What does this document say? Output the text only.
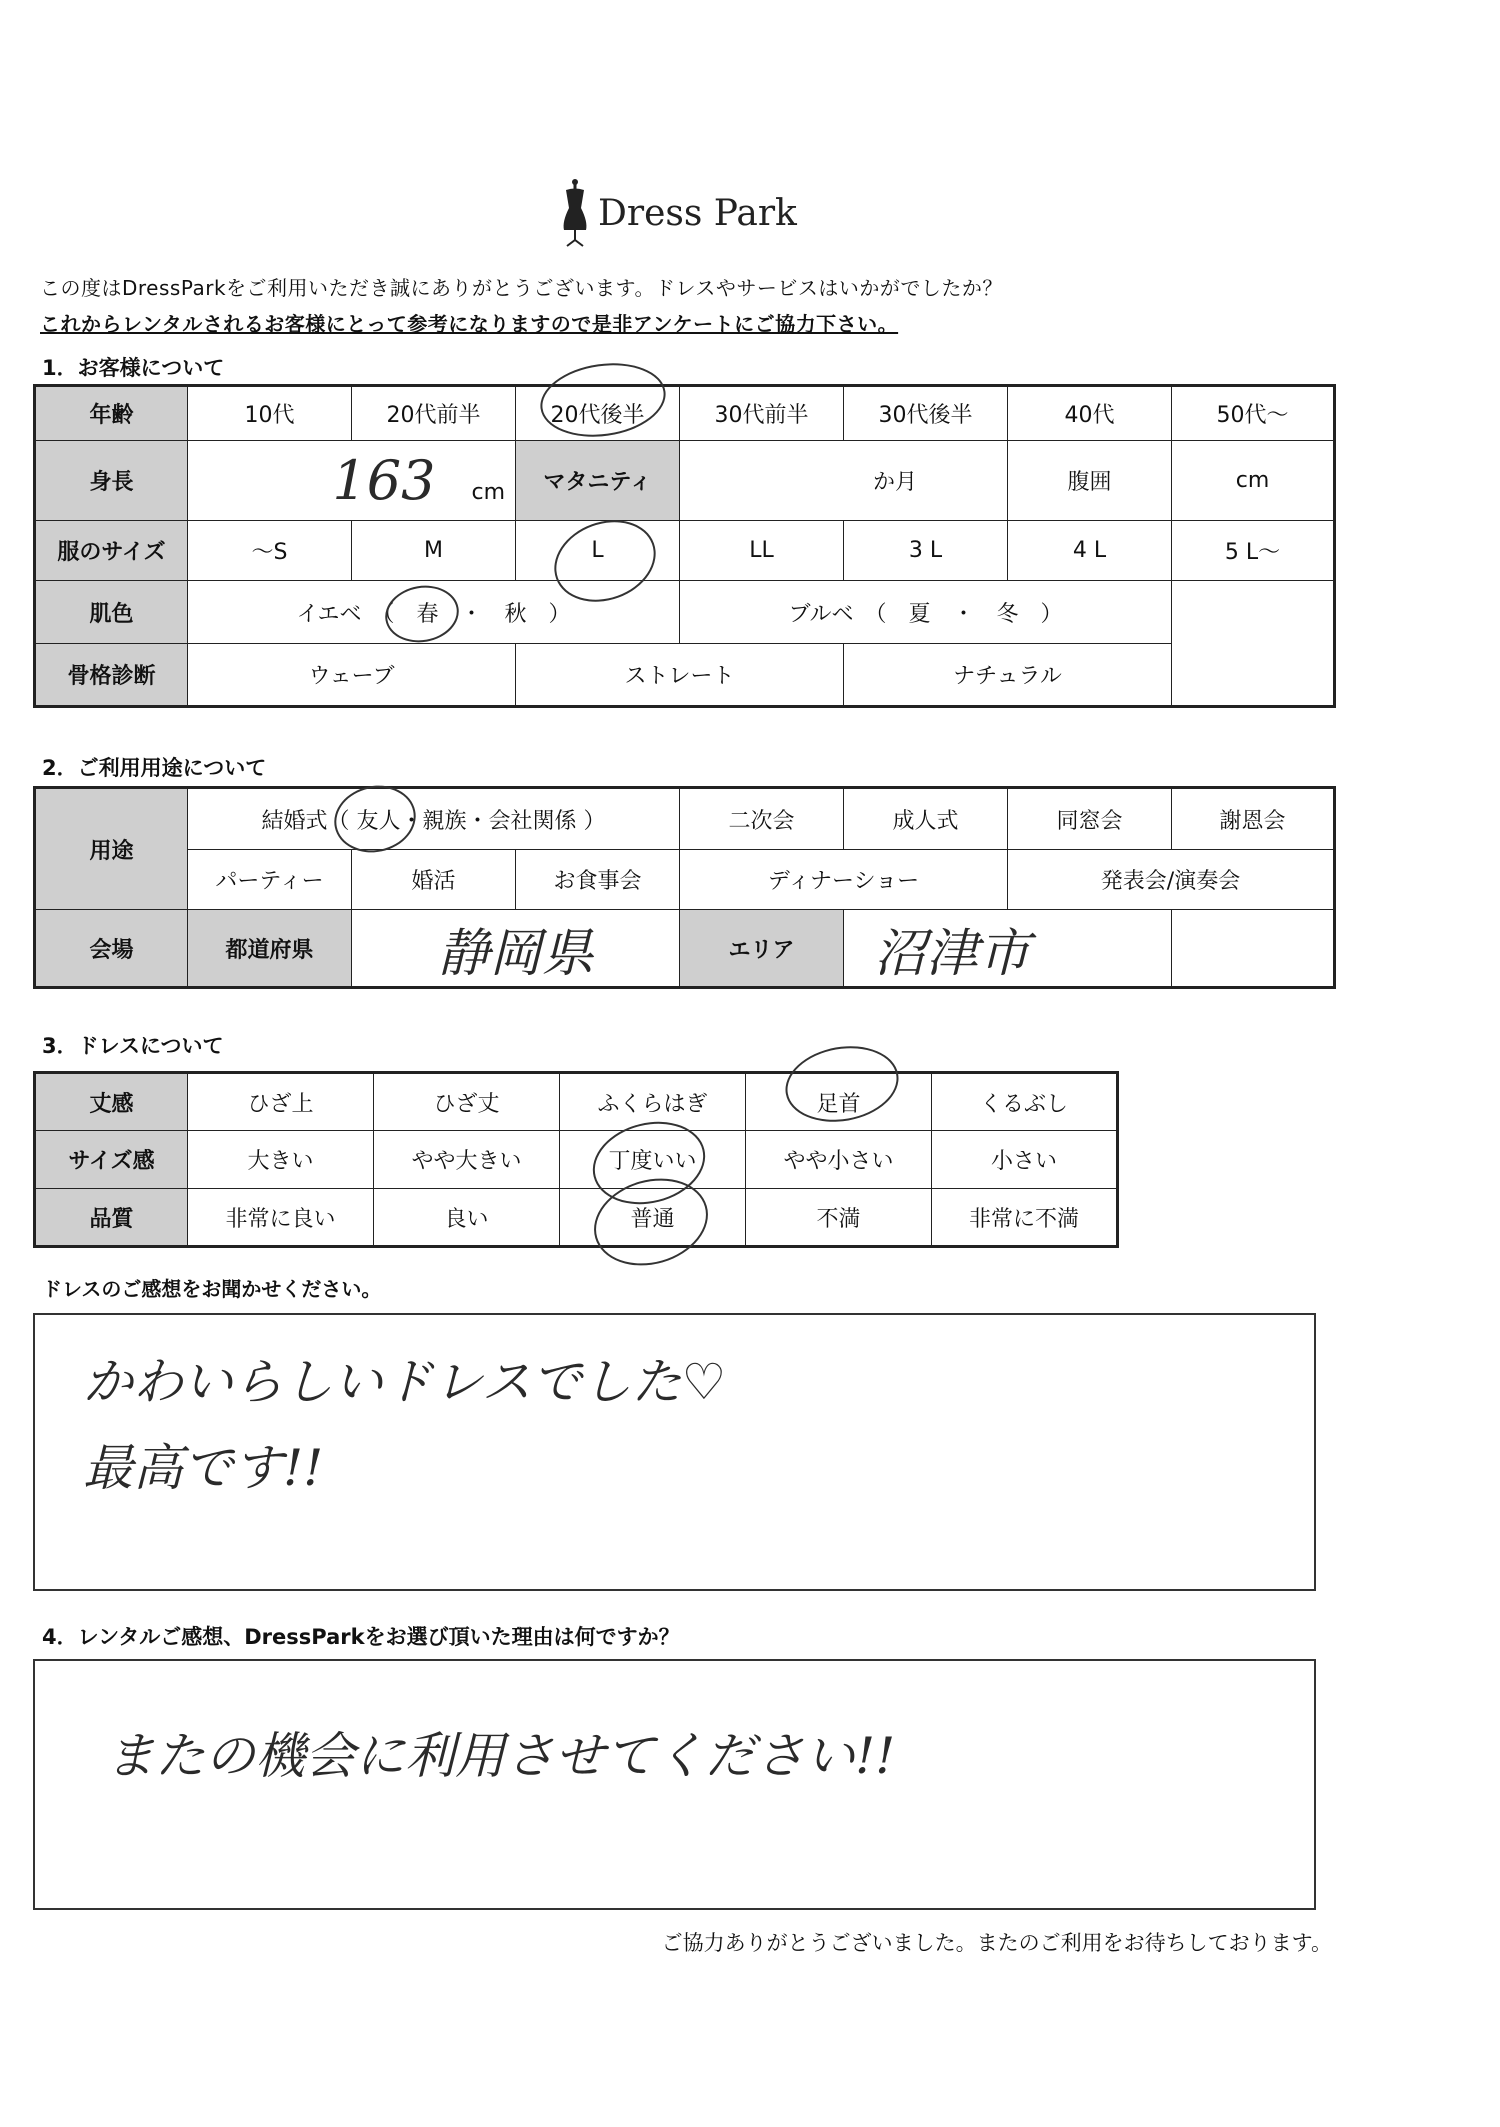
Dress Park
この度はDressParkをご利用いただき誠にありがとうございます。ドレスやサービスはいかがでしたか？
これからレンタルされるお客様にとって参考になりますので是非アンケートにご協力下さい。
1．お客様について
年齢	10代	20代前半	20代後半	30代前半	30代後半	40代	50代～
身長	163 cm		マタニティ	か月		腹囲	cm
服のサイズ	～S	M	L	LL	3 L	4 L	5 L～
肌色	イエベ　（　春　・　秋　）			ブルベ　（　夏　・　冬　）			
骨格診断	ウェーブ		ストレート		ナチュラル		
2．ご利用用途について
用途	結婚式（ 友人・親族・会社関係 ）			二次会	成人式	同窓会	謝恩会
	パーティー	婚活	お食事会	ディナーショー		発表会/演奏会	
会場	都道府県	静岡県		エリア	沼津市		
3．ドレスについて
丈感	ひざ上	ひざ丈	ふくらはぎ	足首	くるぶし
サイズ感	大きい	やや大きい	丁度いい	やや小さい	小さい
品質	非常に良い	良い	普通	不満	非常に不満
ドレスのご感想をお聞かせください。
かわいらしいドレスでした♡
最高です!!
4．レンタルご感想、DressParkをお選び頂いた理由は何ですか？
またの機会に利用させてください!!
ご協力ありがとうございました。またのご利用をお待ちしております。
